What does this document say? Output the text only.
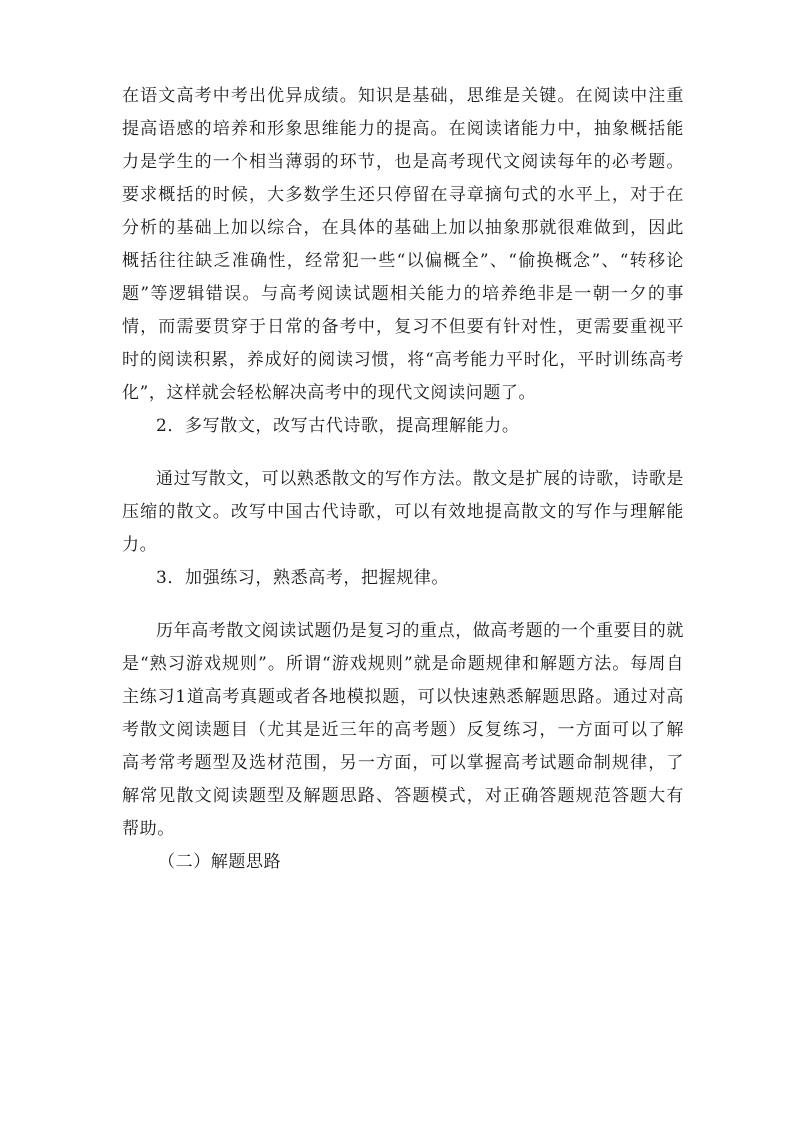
在语文高考中考出优异成绩。知识是基础，思维是关键。在阅读中注重提高语感的培养和形象思维能力的提高。在阅读诸能力中，抽象概括能力是学生的一个相当薄弱的环节，也是高考现代文阅读每年的必考题。要求概括的时候，大多数学生还只停留在寻章摘句式的水平上，对于在分析的基础上加以综合，在具体的基础上加以抽象那就很难做到，因此概括往往缺乏准确性，经常犯一些“以偏概全”、“偷换概念”、“转移论题”等逻辑错误。与高考阅读试题相关能力的培养绝非是一朝一夕的事情，而需要贯穿于日常的备考中，复习不但要有针对性，更需要重视平时的阅读积累，养成好的阅读习惯，将“高考能力平时化，平时训练高考化”，这样就会轻松解决高考中的现代文阅读问题了。

2．多写散文，改写古代诗歌，提高理解能力。

通过写散文，可以熟悉散文的写作方法。散文是扩展的诗歌，诗歌是压缩的散文。改写中国古代诗歌，可以有效地提高散文的写作与理解能力。

3．加强练习，熟悉高考，把握规律。

历年高考散文阅读试题仍是复习的重点，做高考题的一个重要目的就是“熟习游戏规则”。所谓“游戏规则”就是命题规律和解题方法。每周自主练习1道高考真题或者各地模拟题，可以快速熟悉解题思路。通过对高考散文阅读题目（尤其是近三年的高考题）反复练习，一方面可以了解高考常考题型及选材范围，另一方面，可以掌握高考试题命制规律，了解常见散文阅读题型及解题思路、答题模式，对正确答题规范答题大有帮助。

（二）解题思路
